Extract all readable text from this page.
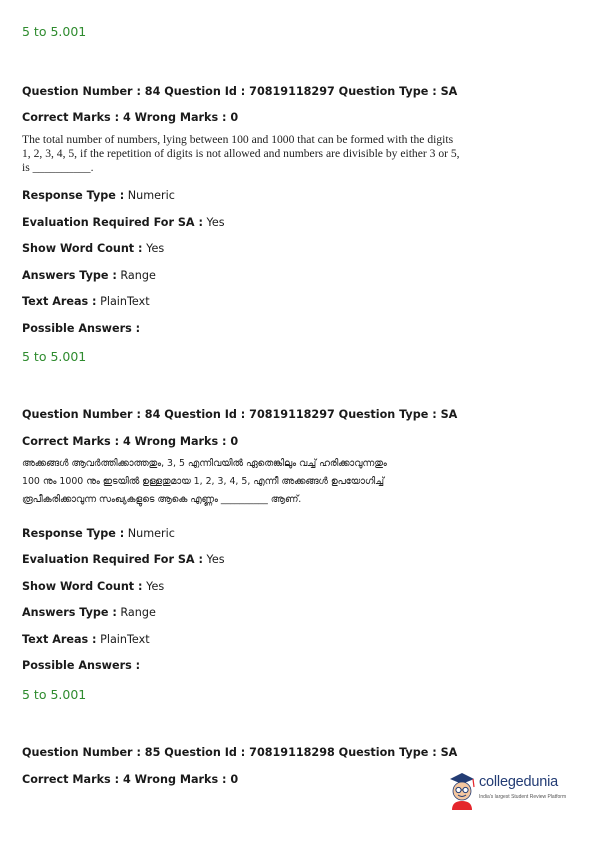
5 to 5.001
Question Number : 84 Question Id : 70819118297 Question Type : SA
Correct Marks : 4 Wrong Marks : 0
The total number of numbers, lying between 100 and 1000 that can be formed with the digits
1, 2, 3, 4, 5, if the repetition of digits is not allowed and numbers are divisible by either 3 or 5,
is __________.
Response Type : Numeric
Evaluation Required For SA : Yes
Show Word Count : Yes
Answers Type : Range
Text Areas : PlainText
Possible Answers :
5 to 5.001
Question Number : 84 Question Id : 70819118297 Question Type : SA
Correct Marks : 4 Wrong Marks : 0
അക്കങ്ങൾ ആവർത്തിക്കാത്തതും, 3, 5 എന്നിവയിൽ ഏതെങ്കിലും വച്ച് ഹരിക്കാവുന്നതും
100 നും 1000 നും ഇടയിൽ ഉള്ളതുമായ 1, 2, 3, 4, 5, എന്നീ അക്കങ്ങൾ ഉപയോഗിച്ച്
രൂപീകരിക്കാവുന്ന സംഖ്യകളുടെ ആകെ എണ്ണം __________ ആണ്.
Response Type : Numeric
Evaluation Required For SA : Yes
Show Word Count : Yes
Answers Type : Range
Text Areas : PlainText
Possible Answers :
5 to 5.001
Question Number : 85 Question Id : 70819118298 Question Type : SA
Correct Marks : 4 Wrong Marks : 0	collegedunia
India's largest Student Review Platform
